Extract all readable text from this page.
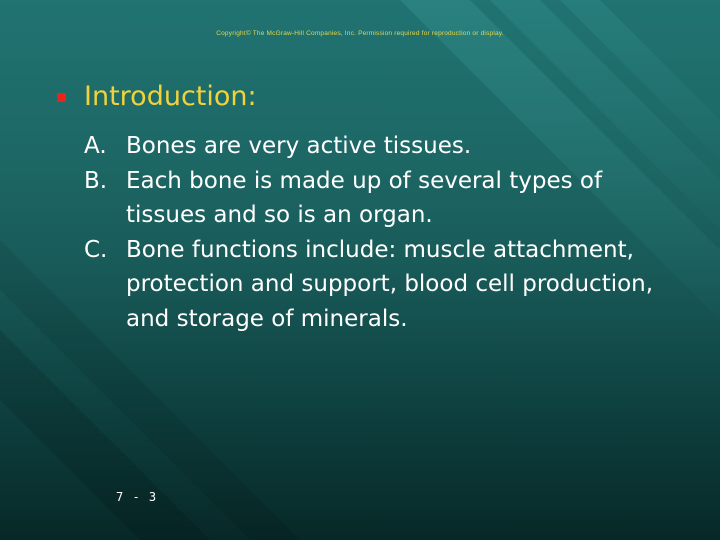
Copyright© The McGraw-Hill Companies, Inc. Permission required for reproduction or display.
Introduction:
A. Bones are very active tissues.
B. Each bone is made up of several types of tissues and so is an organ.
C. Bone functions include: muscle attachment, protection and support, blood cell production, and storage of minerals.
7 - 3
